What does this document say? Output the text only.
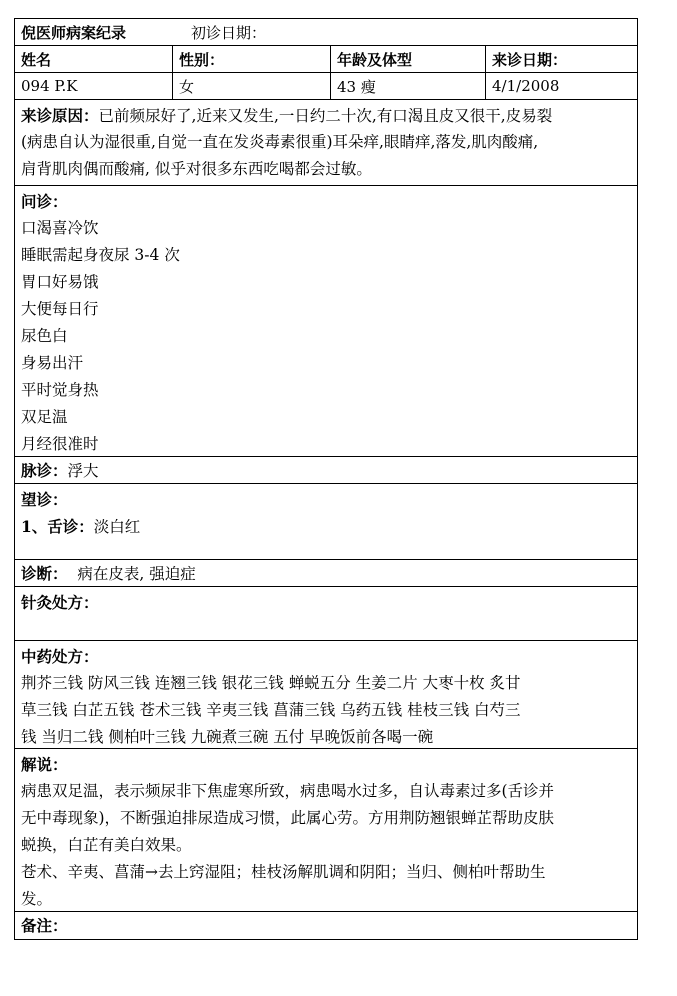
倪医师病案纪录	初诊日期：
姓名	性别：	年龄及体型	来诊日期：
094 P.K	女	43 瘦	4/1/2008
来诊原因：已前频尿好了,近来又发生,一日约二十次,有口渴且皮又很干,皮易裂
(病患自认为湿很重,自觉一直在发炎毒素很重)耳朵痒,眼睛痒,落发,肌肉酸痛,
肩背肌肉偶而酸痛, 似乎对很多东西吃喝都会过敏。
问诊：
口渴喜冷饮
睡眠需起身夜尿 3-4 次
胃口好易饿
大便每日行
尿色白
身易出汗
平时觉身热
双足温
月经很准时
脉诊：浮大
望诊：
1、舌诊：淡白红
诊断： 病在皮表, 强迫症
针灸处方：
中药处方：
荆芥三钱 防风三钱 连翘三钱 银花三钱 蝉蜕五分 生姜二片 大枣十枚 炙甘
草三钱 白芷五钱 苍术三钱 辛夷三钱 菖蒲三钱 乌药五钱 桂枝三钱 白芍三
钱 当归二钱 侧柏叶三钱 九碗煮三碗 五付 早晚饭前各喝一碗
解说：
病患双足温，表示频尿非下焦虚寒所致，病患喝水过多，自认毒素过多(舌诊并
无中毒现象)，不断强迫排尿造成习惯，此属心劳。方用荆防翘银蝉芷帮助皮肤
蜕换，白芷有美白效果。
苍术、辛夷、菖蒲→去上窍湿阻；桂枝汤解肌调和阴阳；当归、侧柏叶帮助生
发。
备注：
